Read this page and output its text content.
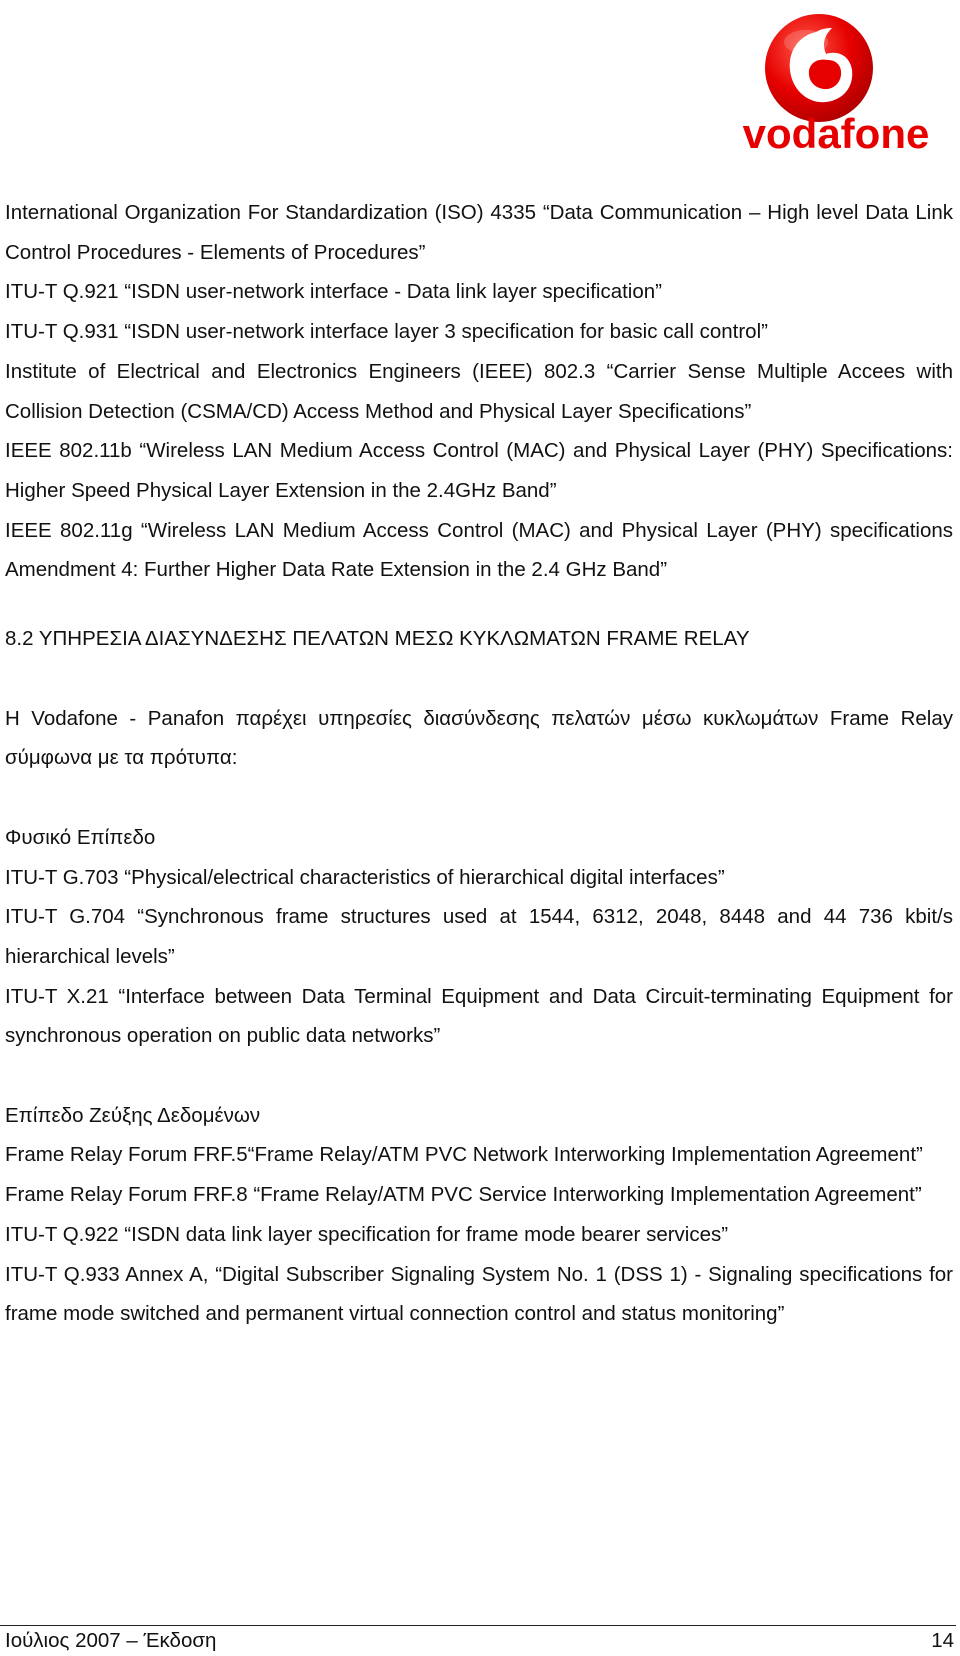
vodafone

International Organization For Standardization (ISO) 4335 “Data Communication – High level Data Link Control Procedures - Elements of Procedures”

ITU-T Q.921 “ISDN user-network interface - Data link layer specification”

ITU-T Q.931 “ISDN user-network interface layer 3 specification for basic call control”

Institute of Electrical and Electronics Engineers (IEEE) 802.3 “Carrier Sense Multiple Accees with Collision Detection (CSMA/CD) Access Method and Physical Layer Specifications”

IEEE 802.11b “Wireless LAN Medium Access Control (MAC) and Physical Layer (PHY) Specifications: Higher Speed Physical Layer Extension in the 2.4GHz Band”

IEEE 802.11g “Wireless LAN Medium Access Control (MAC) and Physical Layer (PHY) specifications Amendment 4: Further Higher Data Rate Extension in the 2.4 GHz Band”

8.2 ΥΠΗΡΕΣΙΑ ΔΙΑΣΥΝΔΕΣΗΣ ΠΕΛΑΤΩΝ ΜΕΣΩ ΚΥΚΛΩΜΑΤΩΝ FRAME RELAY

Η Vodafone - Panafon παρέχει υπηρεσίες διασύνδεσης πελατών μέσω κυκλωμάτων Frame Relay σύμφωνα με τα πρότυπα:

Φυσικό Επίπεδο

ITU-T G.703 “Physical/electrical characteristics of hierarchical digital interfaces”

ITU-T G.704 “Synchronous frame structures used at 1544, 6312, 2048, 8448 and 44 736 kbit/s hierarchical levels”

ITU-T X.21 “Interface between Data Terminal Equipment and Data Circuit-terminating Equipment for synchronous operation on public data networks”

Επίπεδο Ζεύξης Δεδομένων

Frame Relay Forum FRF.5“Frame Relay/ATM PVC Network Interworking Implementation Agreement”

Frame Relay Forum FRF.8 “Frame Relay/ATM PVC Service Interworking Implementation Agreement”

ITU-T Q.922 “ISDN data link layer specification for frame mode bearer services”

ITU-T Q.933 Annex A, “Digital Subscriber Signaling System No. 1 (DSS 1) - Signaling specifications for frame mode switched and permanent virtual connection control and status monitoring”

Ιούλιος 2007 – Έκδοση	14
